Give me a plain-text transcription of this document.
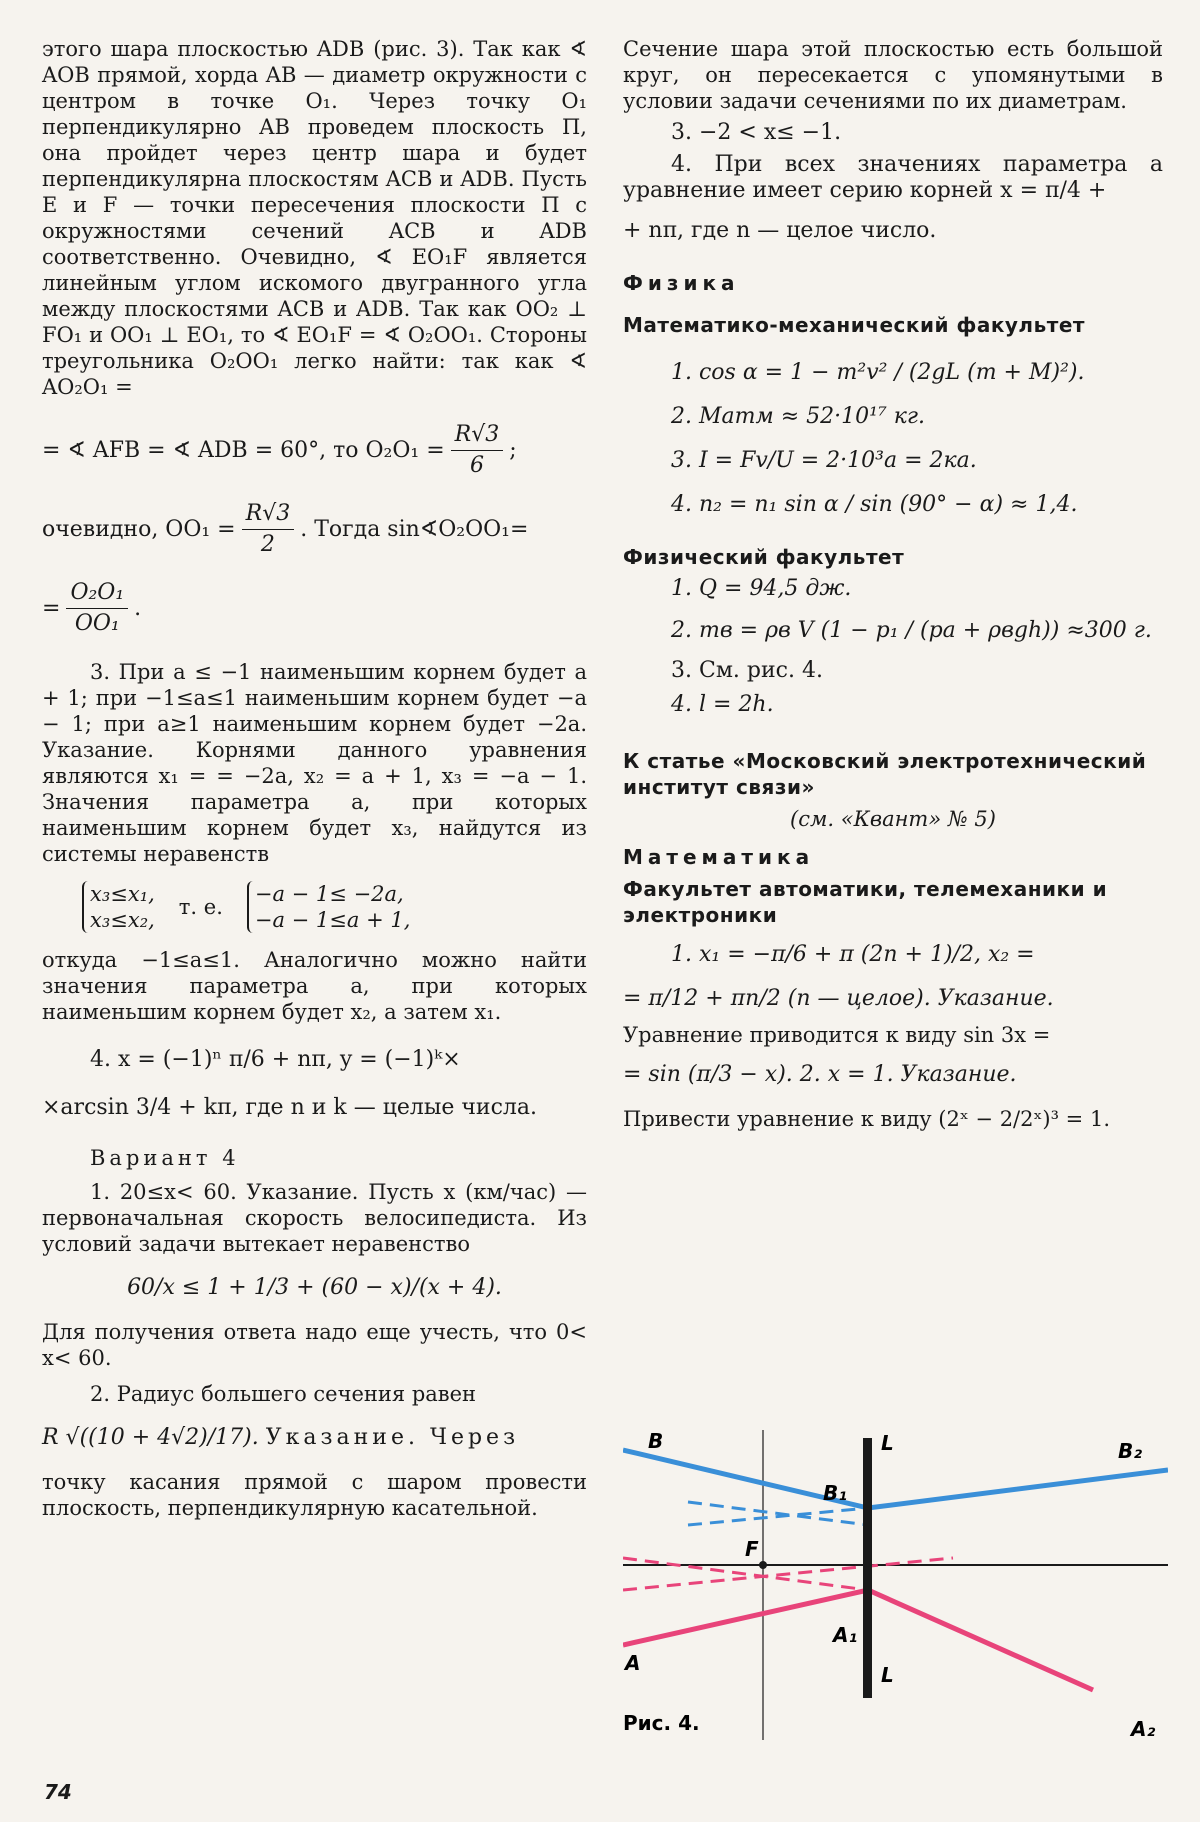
этого шара плоскостью ADB (рис. 3). Так как ∢ AOB прямой, хорда AB — диаметр окружности с центром в точке O₁. Через точку O₁ перпендикулярно AB проведем плоскость П, она пройдет через центр шара и будет перпендикулярна плоскостям ACB и ADB. Пусть E и F — точки пересечения плоскости П с окружностями сечений ACB и ADB соответственно. Очевидно, ∢ EO₁F является линейным углом искомого двугранного угла между плоскостями ACB и ADB. Так как OO₂ ⊥ FO₁ и OO₁ ⊥ EO₁, то ∢ EO₁F = ∢ O₂OO₁. Стороны треугольника O₂OO₁ легко найти: так как ∢ AO₂O₁ =

= ∢ AFB = ∢ ADB = 60°, то $O_2O_1 = \frac{R√3}{6}$ ;
очевидно, $OO_1 = \frac{R√3}{2}$ . Тогда sin∢O₂OO₁=
= $\frac{\text{O₂O₁}}{\text{OO₁}}$ .

3. При a ≤ −1 наименьшим корнем будет a + 1; при −1≤a≤1 наименьшим корнем будет −a − 1; при a≥1 наименьшим корнем будет −2a. Указание. Корнями данного уравнения являются x₁ = = −2a, x₂ = a + 1, x₃ = −a − 1. Значения параметра a, при которых наименьшим корнем будет x₃, найдутся из системы неравенств

x₃≤x₁,
x₃≤x₂,
т. е.
−a − 1≤ −2a,
−a − 1≤a + 1,

откуда −1≤a≤1. Аналогично можно найти значения параметра a, при которых наименьшим корнем будет x₂, а затем x₁.

4. x = (−1)ⁿ π/6 + nπ, y = (−1)ᵏ×

×arcsin 3/4 + kπ, где n и k — целые числа.

Вариант 4

1. 20≤x< 60. Указание. Пусть x (км/час) — первоначальная скорость велосипедиста. Из условий задачи вытекает неравенство

60/x ≤ 1 + 1/3 + (60 − x)/(x + 4).

Для получения ответа надо еще учесть, что 0< x< 60.

2. Радиус большего сечения равен

R √((10 + 4√2)/17). Указание. Через

точку касания прямой с шаром провести плоскость, перпендикулярную касательной.

Сечение шара этой плоскостью есть большой круг, он пересекается с упомянутыми в условии задачи сечениями по их диаметрам.

3. −2 < x≤ −1.

4. При всех значениях параметра a уравнение имеет серию корней x = π/4 +

+ nπ, где n — целое число.

Физика
Математико-механический факультет

1. cos α = 1 − m²v² / (2gL (m + M)²).

2. Mатм ≈ 52·10¹⁷ кг.

3. I = Fv/U = 2·10³a = 2ка.

4. n₂ = n₁ sin α / sin (90° − α) ≈ 1,4.

Физический факультет

1. Q = 94,5 дж.

2. mв = ρв V (1 − p₁ / (pа + ρвgh)) ≈300 г.

3. См. рис. 4.

4. l = 2h.

К статье «Московский электротехнический институт связи»

(см. «Квант» № 5)

Математика
Факультет автоматики, телемеханики и электроники

1. x₁ = −π/6 + π (2n + 1)/2, x₂ =

= π/12 + πn/2 (n — целое). Указание.

Уравнение приводится к виду sin 3x =

= sin (π/3 − x). 2. x = 1. Указание.

Привести уравнение к виду (2ˣ − 2/2ˣ)³ = 1.

B
B₁
B₂
L
F
A
A₁
L
A₂
Рис. 4.
74
